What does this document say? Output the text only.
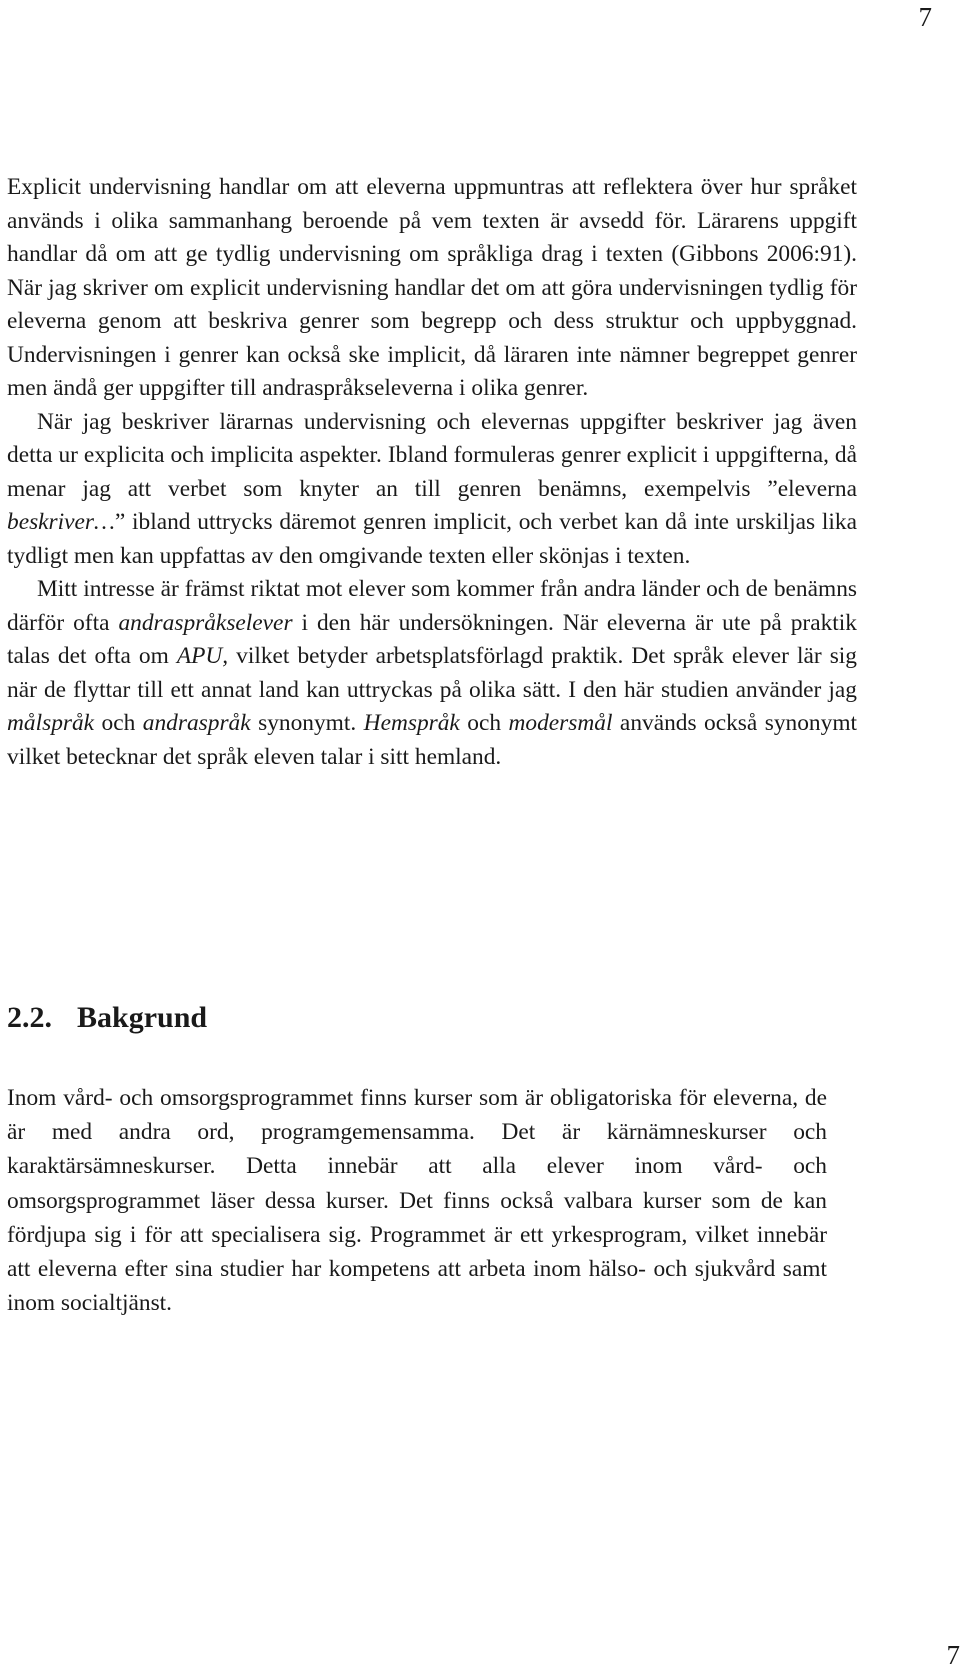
7

Explicit undervisning handlar om att eleverna uppmuntras att reflektera över hur språket används i olika sammanhang beroende på vem texten är avsedd för. Lärarens uppgift handlar då om att ge tydlig undervisning om språkliga drag i texten (Gibbons 2006:91). När jag skriver om explicit undervisning handlar det om att göra undervisningen tydlig för eleverna genom att beskriva genrer som begrepp och dess struktur och uppbyggnad. Undervisningen i genrer kan också ske implicit, då läraren inte nämner begreppet genrer men ändå ger uppgifter till andraspråkseleverna i olika genrer.

När jag beskriver lärarnas undervisning och elevernas uppgifter beskriver jag även detta ur explicita och implicita aspekter. Ibland formuleras genrer explicit i uppgifterna, då menar jag att verbet som knyter an till genren benämns, exempelvis ”eleverna beskriver…” ibland uttrycks däremot genren implicit, och verbet kan då inte urskiljas lika tydligt men kan uppfattas av den omgivande texten eller skönjas i texten.

Mitt intresse är främst riktat mot elever som kommer från andra länder och de benämns därför ofta andraspråkselever i den här undersökningen. När eleverna är ute på praktik talas det ofta om APU, vilket betyder arbetsplatsförlagd praktik. Det språk elever lär sig när de flyttar till ett annat land kan uttryckas på olika sätt. I den här studien använder jag målspråk och andraspråk synonymt. Hemspråk och modersmål används också synonymt vilket betecknar det språk eleven talar i sitt hemland.

2.2. Bakgrund

Inom vård- och omsorgsprogrammet finns kurser som är obligatoriska för eleverna, de är med andra ord, programgemensamma. Det är kärnämneskurser och karaktärsämneskurser. Detta innebär att alla elever inom vård- och omsorgsprogrammet läser dessa kurser. Det finns också valbara kurser som de kan fördjupa sig i för att specialisera sig. Programmet är ett yrkesprogram, vilket innebär att eleverna efter sina studier har kompetens att arbeta inom hälso- och sjukvård samt inom socialtjänst.

7
